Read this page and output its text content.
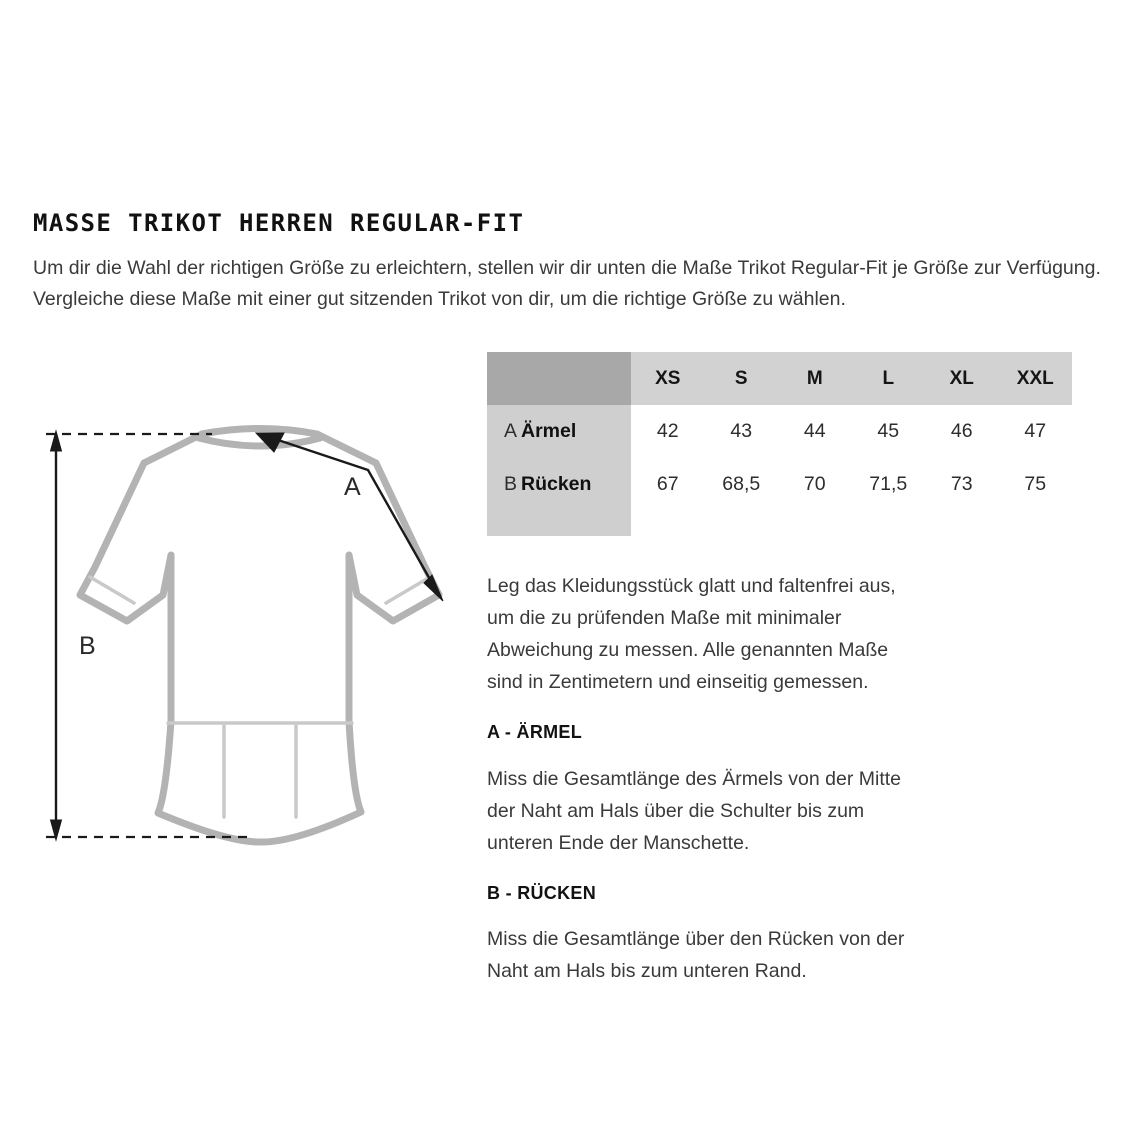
MASSE TRIKOT HERREN REGULAR-FIT
Um dir die Wahl der richtigen Größe zu erleichtern, stellen wir dir unten die Maße Trikot Regular-Fit je Größe zur Verfügung.
Vergleiche diese Maße mit einer gut sitzenden Trikot von dir, um die richtige Größe zu wählen.
B
A
		XS	S	M	L	XL	XXL
A	Ärmel	42	43	44	45	46	47
B	Rücken	67	68,5	70	71,5	73	75

Leg das Kleidungsstück glatt und faltenfrei aus, um die zu prüfenden Maße mit minimaler Abweichung zu messen. Alle genannten Maße sind in Zentimetern und einseitig gemessen.

A - ÄRMEL

Miss die Gesamtlänge des Ärmels von der Mitte der Naht am Hals über die Schulter bis zum unteren Ende der Manschette.

B - RÜCKEN

Miss die Gesamtlänge über den Rücken von der Naht am Hals bis zum unteren Rand.
